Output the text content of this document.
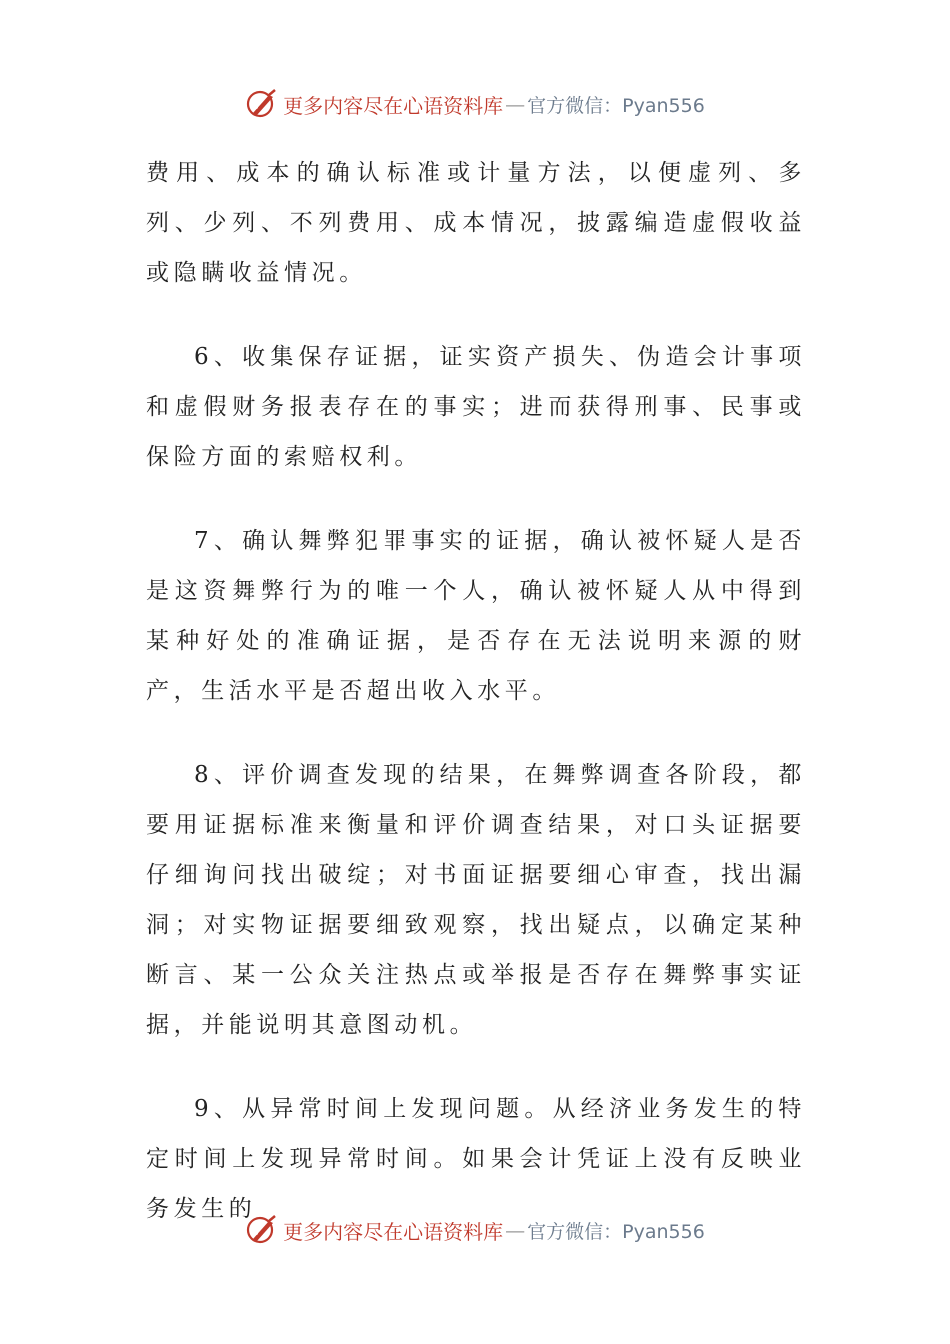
更多内容尽在心语资料库 — 官方微信：Pyan556

费用、成本的确认标准或计量方法，以便虚列、多列、少列、不列费用、成本情况，披露编造虚假收益或隐瞒收益情况。

6、收集保存证据，证实资产损失、伪造会计事项和虚假财务报表存在的事实；进而获得刑事、民事或保险方面的索赔权利。

7、确认舞弊犯罪事实的证据，确认被怀疑人是否是这资舞弊行为的唯一个人，确认被怀疑人从中得到某种好处的准确证据，是否存在无法说明来源的财产，生活水平是否超出收入水平。

8、评价调查发现的结果，在舞弊调查各阶段，都要用证据标准来衡量和评价调查结果，对口头证据要仔细询问找出破绽；对书面证据要细心审查，找出漏洞；对实物证据要细致观察，找出疑点，以确定某种断言、某一公众关注热点或举报是否存在舞弊事实证据，并能说明其意图动机。

9、从异常时间上发现问题。从经济业务发生的特定时间上发现异常时间。如果会计凭证上没有反映业务发生的

更多内容尽在心语资料库 — 官方微信：Pyan556
